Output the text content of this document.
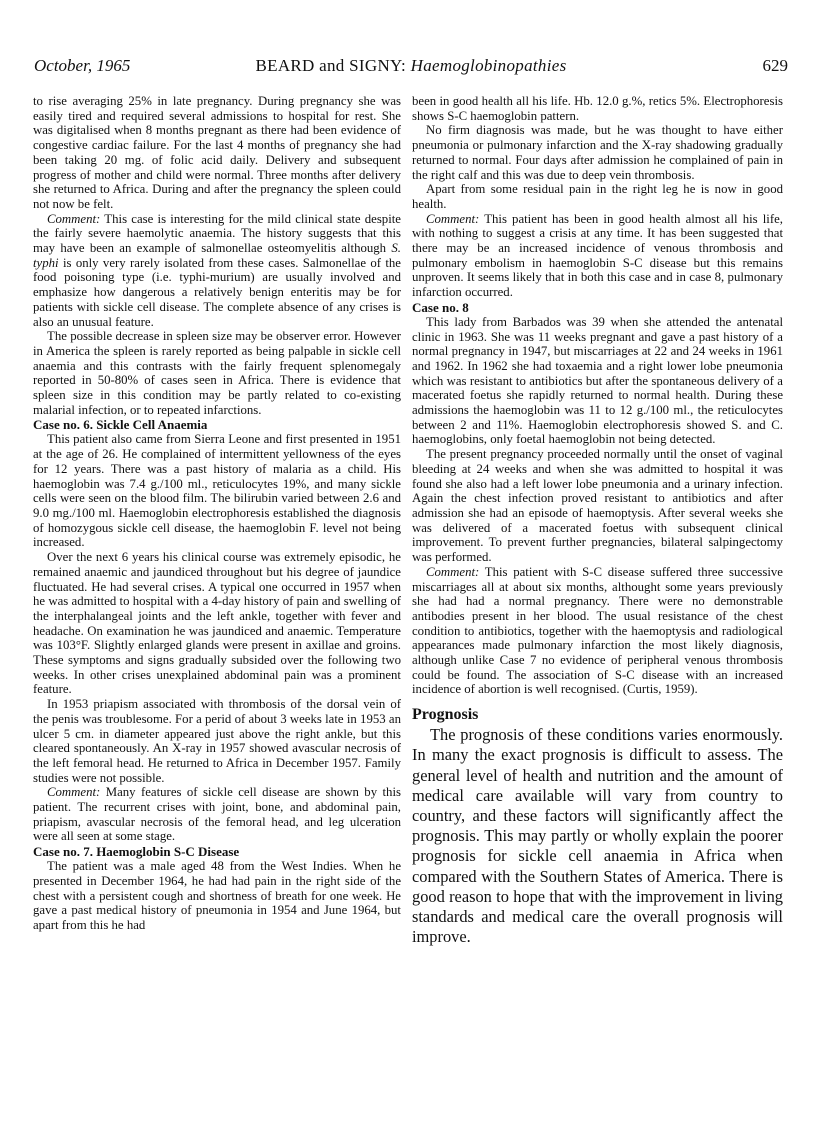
October, 1965	BEARD and SIGNY: Haemoglobinopathies	629

to rise averaging 25% in late pregnancy. During pregnancy she was easily tired and required several admissions to hospital for rest. She was digitalised when 8 months pregnant as there had been evidence of congestive cardiac failure. For the last 4 months of pregnancy she had been taking 20 mg. of folic acid daily. Delivery and subsequent progress of mother and child were normal. Three months after delivery she returned to Africa. During and after the pregnancy the spleen could not now be felt.

Comment: This case is interesting for the mild clinical state despite the fairly severe haemolytic anaemia. The history suggests that this may have been an example of salmonellae osteomyelitis although S. typhi is only very rarely isolated from these cases. Salmonellae of the food poisoning type (i.e. typhi-murium) are usually involved and emphasize how dangerous a relatively benign enteritis may be for patients with sickle cell disease. The complete absence of any crises is also an unusual feature.

The possible decrease in spleen size may be observer error. However in America the spleen is rarely reported as being palpable in sickle cell anaemia and this contrasts with the fairly frequent splenomegaly reported in 50-80% of cases seen in Africa. There is evidence that spleen size in this condition may be partly related to co-existing malarial infection, or to repeated infarctions.

Case no. 6. Sickle Cell Anaemia

This patient also came from Sierra Leone and first presented in 1951 at the age of 26. He complained of intermittent yellowness of the eyes for 12 years. There was a past history of malaria as a child. His haemoglobin was 7.4 g./100 ml., reticulocytes 19%, and many sickle cells were seen on the blood film. The bilirubin varied between 2.6 and 9.0 mg./100 ml. Haemoglobin electrophoresis established the diagnosis of homozygous sickle cell disease, the haemoglobin F. level not being increased.

Over the next 6 years his clinical course was extremely episodic, he remained anaemic and jaundiced throughout but his degree of jaundice fluctuated. He had several crises. A typical one occurred in 1957 when he was admitted to hospital with a 4-day history of pain and swelling of the interphalangeal joints and the left ankle, together with fever and headache. On examination he was jaundiced and anaemic. Temperature was 103°F. Slightly enlarged glands were present in axillae and groins. These symptoms and signs gradually subsided over the following two weeks. In other crises unexplained abdominal pain was a prominent feature.

In 1953 priapism associated with thrombosis of the dorsal vein of the penis was troublesome. For a perid of about 3 weeks late in 1953 an ulcer 5 cm. in diameter appeared just above the right ankle, but this cleared spontaneously. An X-ray in 1957 showed avascular necrosis of the left femoral head. He returned to Africa in December 1957. Family studies were not possible.

Comment: Many features of sickle cell disease are shown by this patient. The recurrent crises with joint, bone, and abdominal pain, priapism, avascular necrosis of the femoral head, and leg ulceration were all seen at some stage.

Case no. 7. Haemoglobin S-C Disease

The patient was a male aged 48 from the West Indies. When he presented in December 1964, he had had pain in the right side of the chest with a persistent cough and shortness of breath for one week. He gave a past medical history of pneumonia in 1954 and June 1964, but apart from this he had

been in good health all his life. Hb. 12.0 g.%, retics 5%. Electrophoresis shows S-C haemoglobin pattern.

No firm diagnosis was made, but he was thought to have either pneumonia or pulmonary infarction and the X-ray shadowing gradually returned to normal. Four days after admission he complained of pain in the right calf and this was due to deep vein thrombosis.

Apart from some residual pain in the right leg he is now in good health.

Comment: This patient has been in good health almost all his life, with nothing to suggest a crisis at any time. It has been suggested that there may be an increased incidence of venous thrombosis and pulmonary embolism in haemoglobin S-C disease but this remains unproven. It seems likely that in both this case and in case 8, pulmonary infarction occurred.

Case no. 8

This lady from Barbados was 39 when she attended the antenatal clinic in 1963. She was 11 weeks pregnant and gave a past history of a normal pregnancy in 1947, but miscarriages at 22 and 24 weeks in 1961 and 1962. In 1962 she had toxaemia and a right lower lobe pneumonia which was resistant to antibiotics but after the spontaneous delivery of a macerated foetus she rapidly returned to normal health. During these admissions the haemoglobin was 11 to 12 g./100 ml., the reticulocytes between 2 and 11%. Haemoglobin electrophoresis showed S. and C. haemoglobins, only foetal haemoglobin not being detected.

The present pregnancy proceeded normally until the onset of vaginal bleeding at 24 weeks and when she was admitted to hospital it was found she also had a left lower lobe pneumonia and a urinary infection. Again the chest infection proved resistant to antibiotics and after admission she had an episode of haemoptysis. After several weeks she was delivered of a macerated foetus with subsequent clinical improvement. To prevent further pregnancies, bilateral salpingectomy was performed.

Comment: This patient with S-C disease suffered three successive miscarriages all at about six months, althought some years previously she had had a normal pregnancy. There were no demonstrable antibodies present in her blood. The usual resistance of the chest condition to antibiotics, together with the haemoptysis and radiological appearances made pulmonary infarction the most likely diagnosis, although unlike Case 7 no evidence of peripheral venous thrombosis could be found. The association of S-C disease with an increased incidence of abortion is well recognised. (Curtis, 1959).

Prognosis

The prognosis of these conditions varies enormously. In many the exact prognosis is difficult to assess. The general level of health and nutrition and the amount of medical care available will vary from country to country, and these factors will significantly affect the prognosis. This may partly or wholly explain the poorer prognosis for sickle cell anaemia in Africa when compared with the Southern States of America. There is good reason to hope that with the improvement in living standards and medical care the overall prognosis will improve.
